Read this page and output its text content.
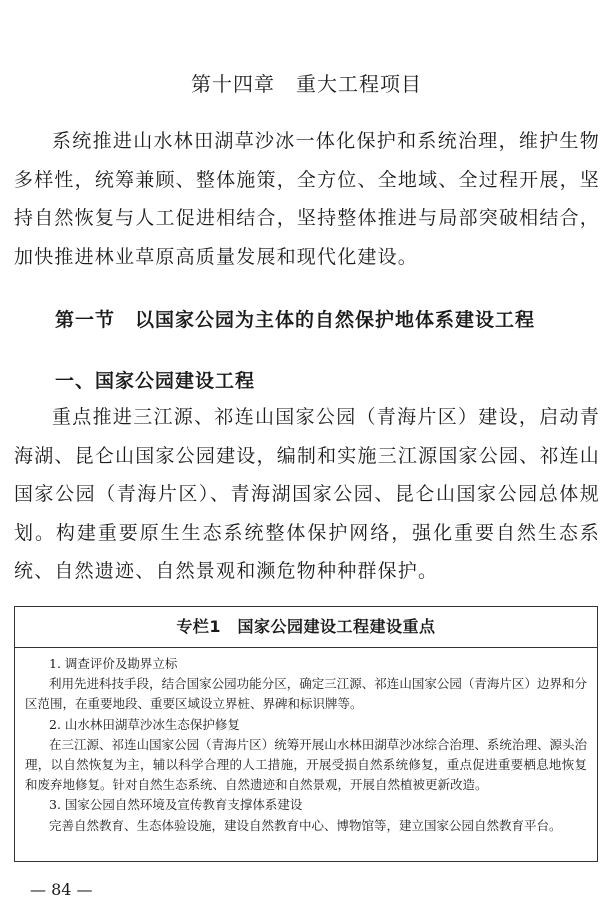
第十四章　重大工程项目

系统推进山水林田湖草沙冰一体化保护和系统治理，维护生物多样性，统筹兼顾、整体施策，全方位、全地域、全过程开展，坚持自然恢复与人工促进相结合，坚持整体推进与局部突破相结合，加快推进林业草原高质量发展和现代化建设。

第一节　以国家公园为主体的自然保护地体系建设工程
一、国家公园建设工程

重点推进三江源、祁连山国家公园（青海片区）建设，启动青海湖、昆仑山国家公园建设，编制和实施三江源国家公园、祁连山国家公园（青海片区）、青海湖国家公园、昆仑山国家公园总体规划。构建重要原生生态系统整体保护网络，强化重要自然生态系统、自然遗迹、自然景观和濒危物种种群保护。

专栏1　国家公园建设工程建设重点
1. 调查评价及勘界立标
利用先进科技手段，结合国家公园功能分区，确定三江源、祁连山国家公园（青海片区）边界和分区范围，在重要地段、重要区域设立界桩、界碑和标识牌等。
2. 山水林田湖草沙冰生态保护修复
在三江源、祁连山国家公园（青海片区）统筹开展山水林田湖草沙冰综合治理、系统治理、源头治理，以自然恢复为主，辅以科学合理的人工措施，开展受损自然系统修复，重点促进重要栖息地恢复和废弃地修复。针对自然生态系统、自然遗迹和自然景观，开展自然植被更新改造。
3. 国家公园自然环境及宣传教育支撑体系建设
完善自然教育、生态体验设施，建设自然教育中心、博物馆等，建立国家公园自然教育平台。
— 84 —
